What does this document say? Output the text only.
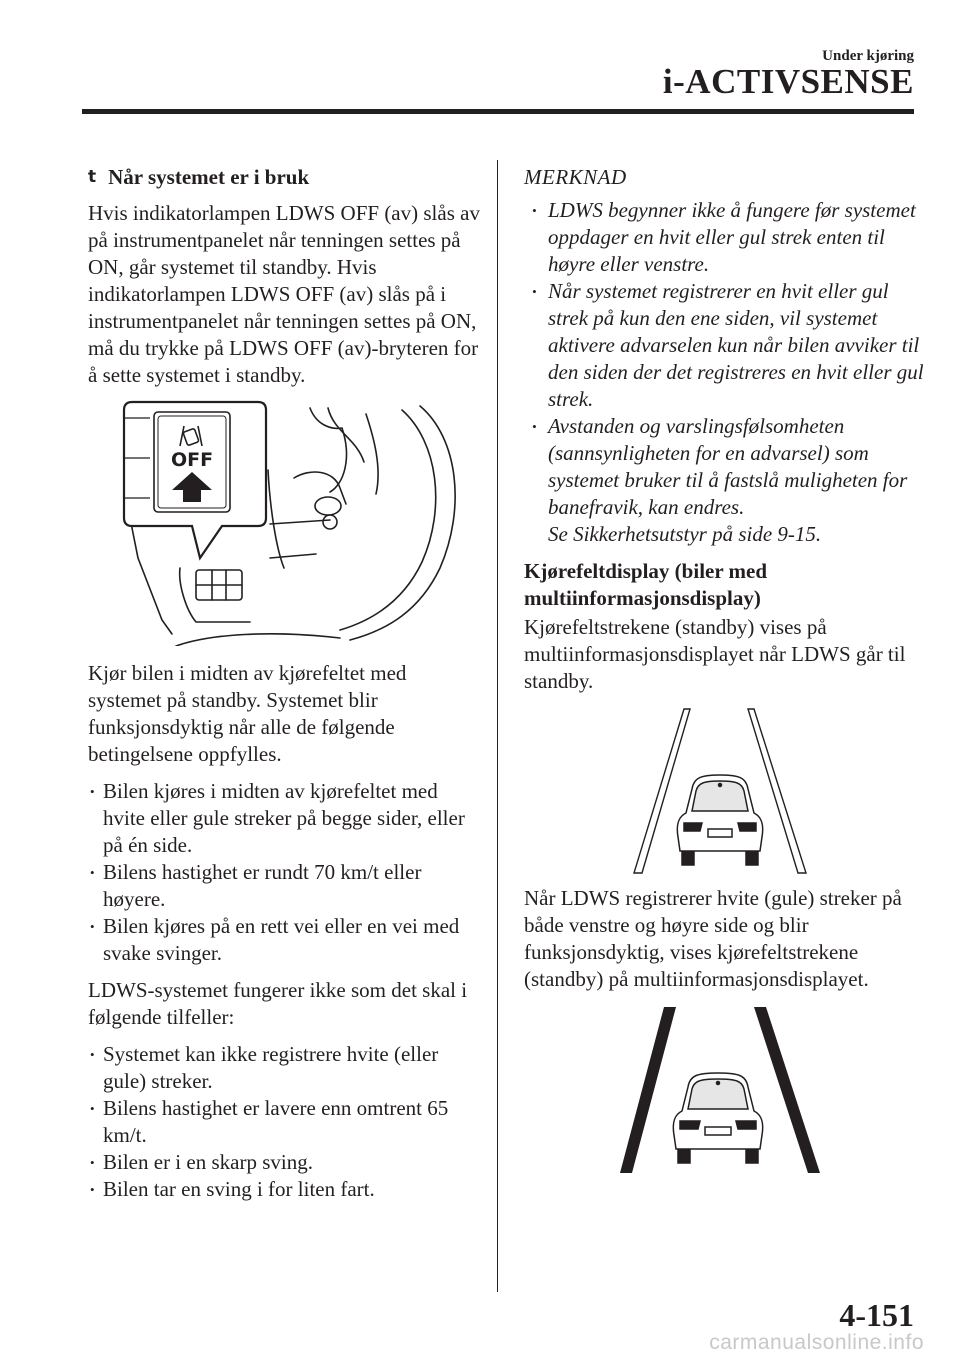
Under kjøring
i-ACTIVSENSE
t Når systemet er i bruk

Hvis indikatorlampen LDWS OFF (av) slås av på instrumentpanelet når tenningen settes på ON, går systemet til standby. Hvis indikatorlampen LDWS OFF (av) slås på i instrumentpanelet når tenningen settes på ON, må du trykke på LDWS OFF (av)-bryteren for å sette systemet i standby.

OFF

Kjør bilen i midten av kjørefeltet med systemet på standby. Systemet blir funksjonsdyktig når alle de følgende betingelsene oppfylles.

• Bilen kjøres i midten av kjørefeltet med hvite eller gule streker på begge sider, eller på én side.
• Bilens hastighet er rundt 70 km/t eller høyere.
• Bilen kjøres på en rett vei eller en vei med svake svinger.

LDWS-systemet fungerer ikke som det skal i følgende tilfeller:

• Systemet kan ikke registrere hvite (eller gule) streker.
• Bilens hastighet er lavere enn omtrent 65 km/t.
• Bilen er i en skarp sving.
• Bilen tar en sving i for liten fart.
MERKNAD
• LDWS begynner ikke å fungere før systemet oppdager en hvit eller gul strek enten til høyre eller venstre.
• Når systemet registrerer en hvit eller gul strek på kun den ene siden, vil systemet aktivere advarselen kun når bilen avviker til den siden der det registreres en hvit eller gul strek.
• Avstanden og varslingsfølsomheten (sannsynligheten for en advarsel) som systemet bruker til å fastslå muligheten for banefravik, kan endres.
Se Sikkerhetsutstyr på side 9-15.

Kjørefeltdisplay (biler med multiinformasjonsdisplay)

Kjørefeltstrekene (standby) vises på multiinformasjonsdisplayet når LDWS går til standby.

Når LDWS registrerer hvite (gule) streker på både venstre og høyre side og blir funksjonsdyktig, vises kjørefeltstrekene (standby) på multiinformasjonsdisplayet.

4-151
carmanualsonline.info
